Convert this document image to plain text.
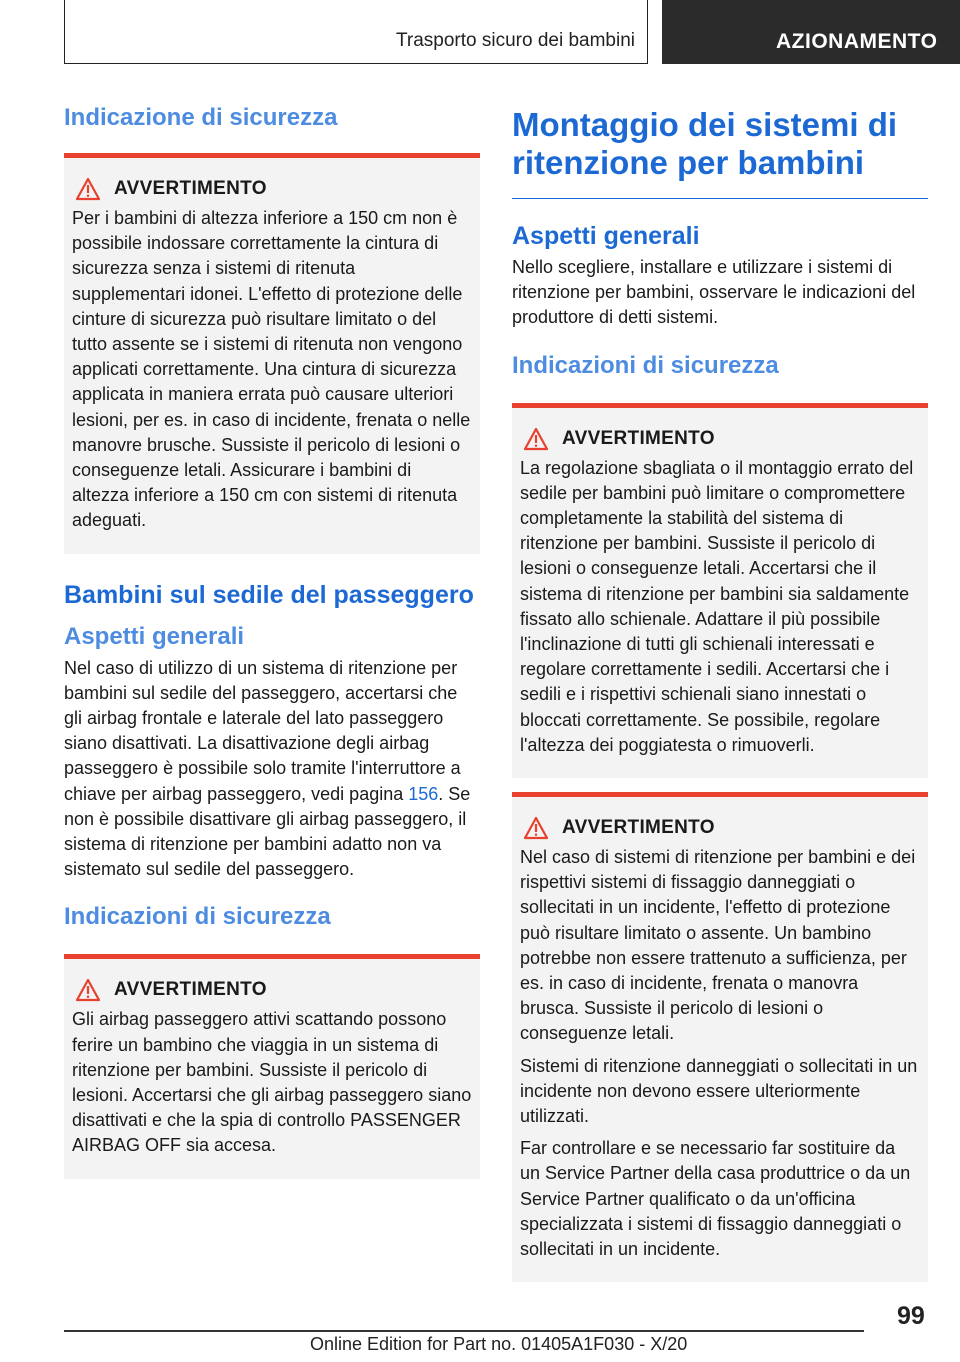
Trasporto sicuro dei bambini	AZIONAMENTO
Indicazione di sicurezza
AVVERTIMENTO

Per i bambini di altezza inferiore a 150 cm non è possibile indossare correttamente la cintura di sicurezza senza i sistemi di ritenuta supplementari idonei. L'effetto di protezione delle cinture di sicurezza può risultare limitato o del tutto assente se i sistemi di ritenuta non vengono applicati correttamente. Una cintura di sicurezza applicata in maniera errata può causare ulteriori lesioni, per es. in caso di incidente, frenata o nelle manovre brusche. Sussiste il pericolo di lesioni o conseguenze letali. Assicurare i bambini di altezza inferiore a 150 cm con sistemi di ritenuta adeguati.

Bambini sul sedile del passeggero
Aspetti generali

Nel caso di utilizzo di un sistema di ritenzione per bambini sul sedile del passeggero, accertarsi che gli airbag frontale e laterale del lato passeggero siano disattivati. La disattivazione degli airbag passeggero è possibile solo tramite l'interruttore a chiave per airbag passeggero, vedi pagina 156. Se non è possibile disattivare gli airbag passeggero, il sistema di ritenzione per bambini adatto non va sistemato sul sedile del passeggero.

Indicazioni di sicurezza
AVVERTIMENTO

Gli airbag passeggero attivi scattando possono ferire un bambino che viaggia in un sistema di ritenzione per bambini. Sussiste il pericolo di lesioni. Accertarsi che gli airbag passeggero siano disattivati e che la spia di controllo PASSENGER AIRBAG OFF sia accesa.

Montaggio dei sistemi di ritenzione per bambini
Aspetti generali

Nello scegliere, installare e utilizzare i sistemi di ritenzione per bambini, osservare le indicazioni del produttore di detti sistemi.

Indicazioni di sicurezza
AVVERTIMENTO

La regolazione sbagliata o il montaggio errato del sedile per bambini può limitare o compromettere completamente la stabilità del sistema di ritenzione per bambini. Sussiste il pericolo di lesioni o conseguenze letali. Accertarsi che il sistema di ritenzione per bambini sia saldamente fissato allo schienale. Adattare il più possibile l'inclinazione di tutti gli schienali interessati e regolare correttamente i sedili. Accertarsi che i sedili e i rispettivi schienali siano innestati o bloccati correttamente. Se possibile, regolare l'altezza dei poggiatesta o rimuoverli.

AVVERTIMENTO

Nel caso di sistemi di ritenzione per bambini e dei rispettivi sistemi di fissaggio danneggiati o sollecitati in un incidente, l'effetto di protezione può risultare limitato o assente. Un bambino potrebbe non essere trattenuto a sufficienza, per es. in caso di incidente, frenata o manovra brusca. Sussiste il pericolo di lesioni o conseguenze letali.

Sistemi di ritenzione danneggiati o sollecitati in un incidente non devono essere ulteriormente utilizzati.

Far controllare e se necessario far sostituire da un Service Partner della casa produttrice o da un Service Partner qualificato o da un'officina specializzata i sistemi di fissaggio danneggiati o sollecitati in un incidente.

99
Online Edition for Part no. 01405A1F030 - X/20
